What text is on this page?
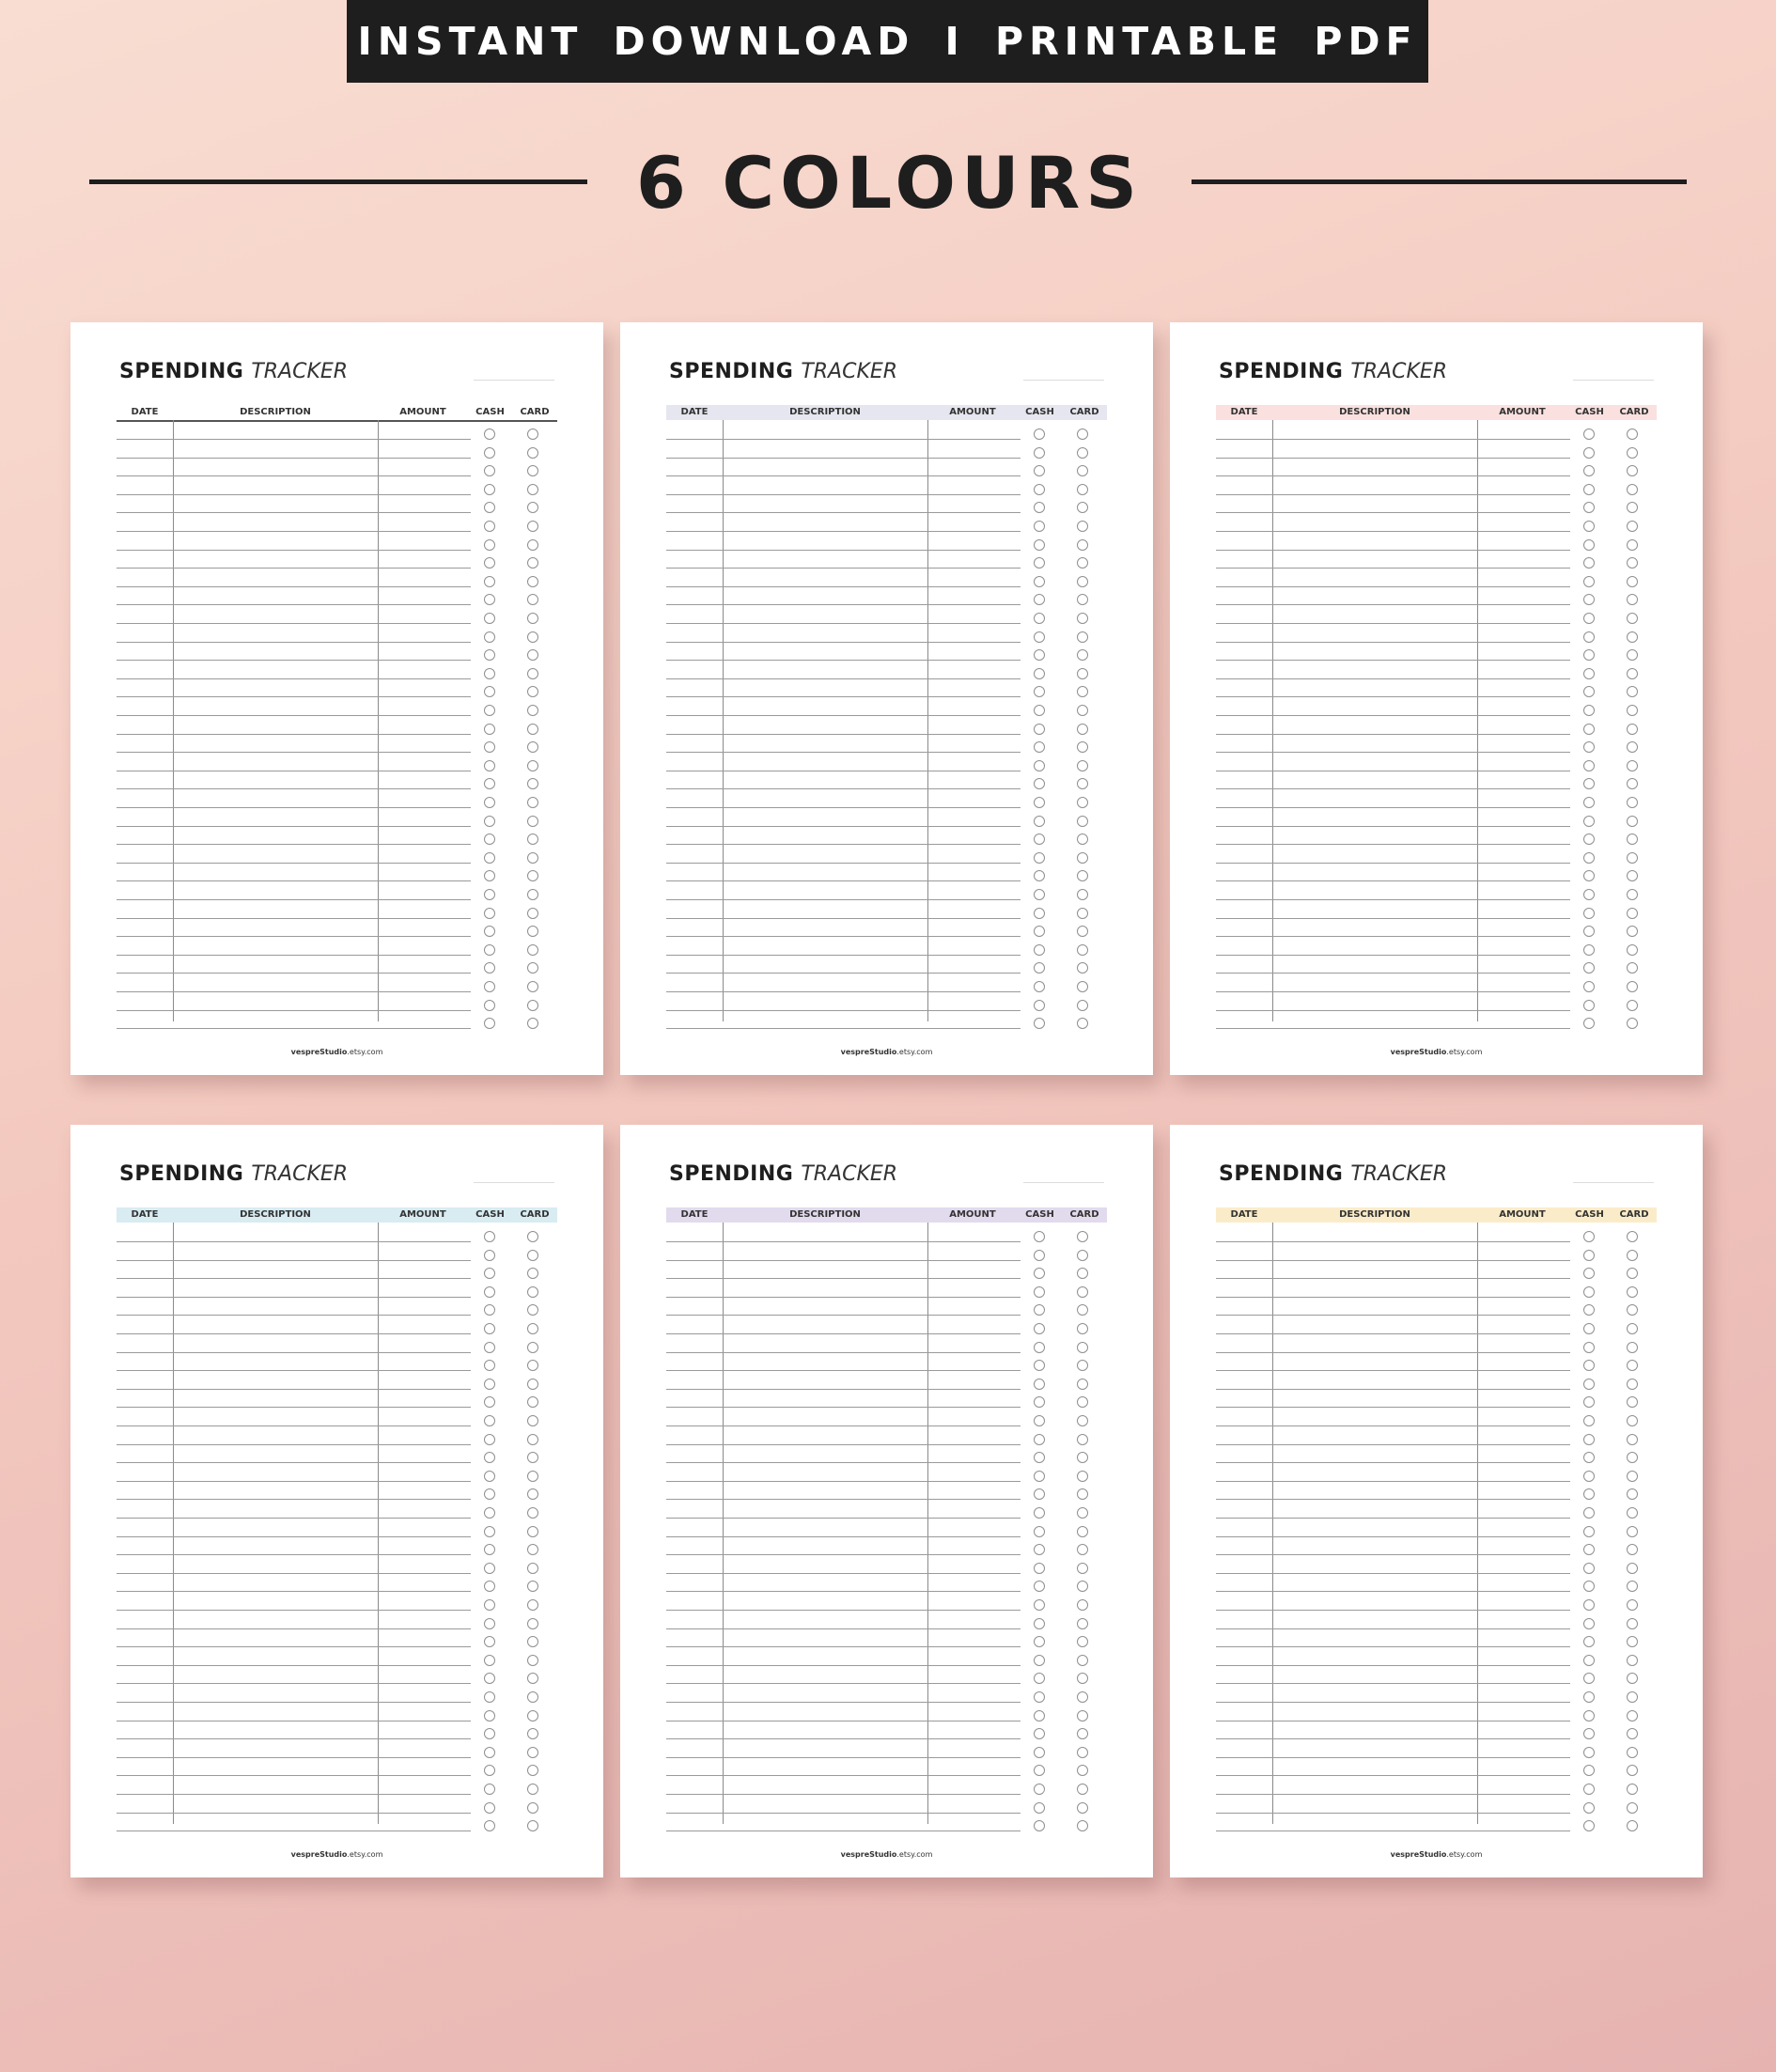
INSTANT DOWNLOAD I PRINTABLE PDF
6 COLOURS
SPENDING TRACKER
DATE	DESCRIPTION	AMOUNT	CASH	CARD
vespreStudio.etsy.com
SPENDING TRACKER
DATE	DESCRIPTION	AMOUNT	CASH	CARD
vespreStudio.etsy.com
SPENDING TRACKER
DATE	DESCRIPTION	AMOUNT	CASH	CARD
vespreStudio.etsy.com
SPENDING TRACKER
DATE	DESCRIPTION	AMOUNT	CASH	CARD
vespreStudio.etsy.com
SPENDING TRACKER
DATE	DESCRIPTION	AMOUNT	CASH	CARD
vespreStudio.etsy.com
SPENDING TRACKER
DATE	DESCRIPTION	AMOUNT	CASH	CARD
vespreStudio.etsy.com
